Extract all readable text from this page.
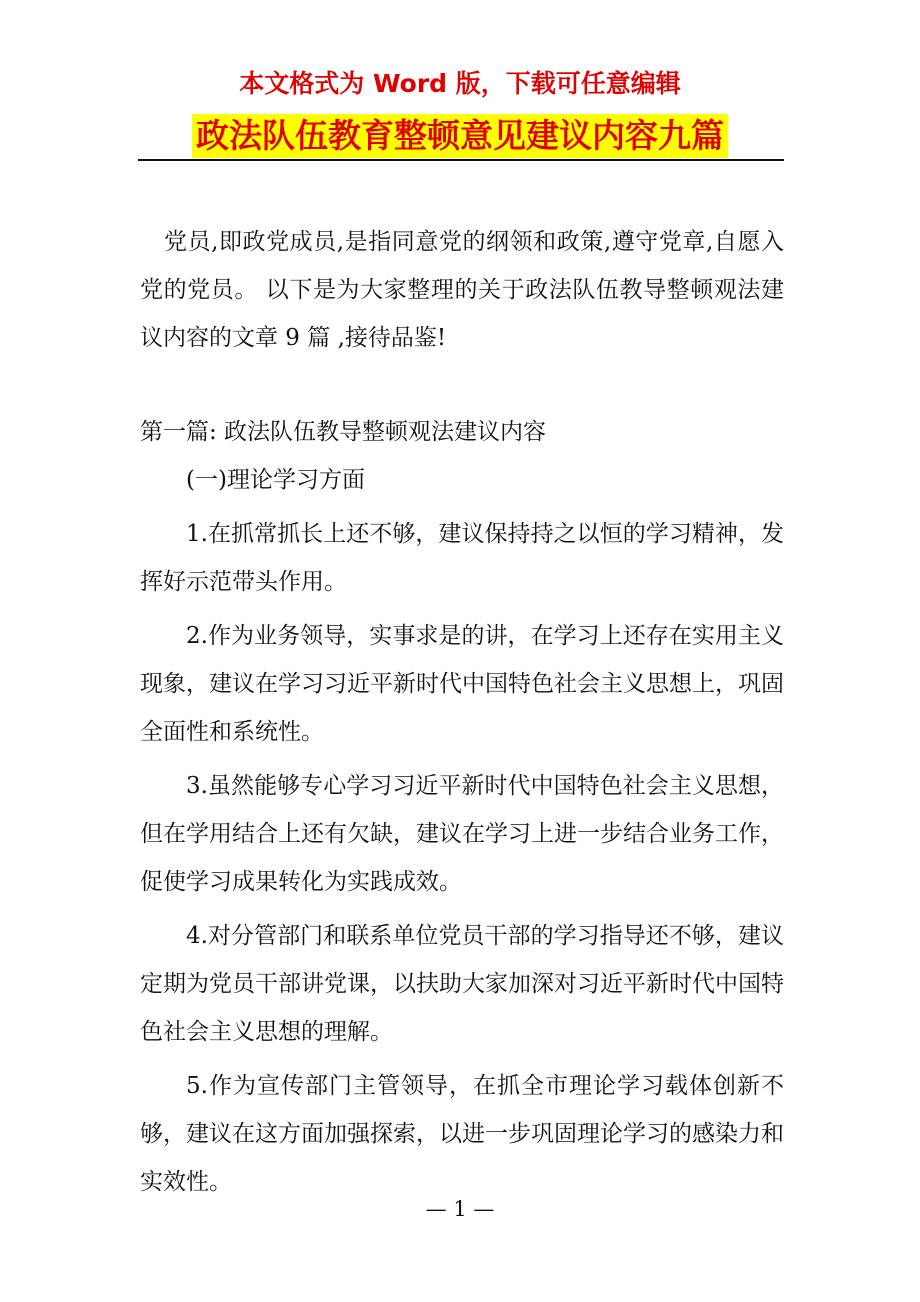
本文格式为 Word 版，下载可任意编辑
政法队伍教育整顿意见建议内容九篇

党员,即政党成员,是指同意党的纲领和政策,遵守党章,自愿入党的党员。 以下是为大家整理的关于政法队伍教导整顿观法建议内容的文章 9 篇 ,接待品鉴!

第一篇: 政法队伍教导整顿观法建议内容

(一)理论学习方面

1.在抓常抓长上还不够，建议保持持之以恒的学习精神，发挥好示范带头作用。

2.作为业务领导，实事求是的讲，在学习上还存在实用主义现象，建议在学习习近平新时代中国特色社会主义思想上，巩固全面性和系统性。

3.虽然能够专心学习习近平新时代中国特色社会主义思想，但在学用结合上还有欠缺，建议在学习上进一步结合业务工作，促使学习成果转化为实践成效。

4.对分管部门和联系单位党员干部的学习指导还不够，建议定期为党员干部讲党课，以扶助大家加深对习近平新时代中国特色社会主义思想的理解。

5.作为宣传部门主管领导，在抓全市理论学习载体创新不够，建议在这方面加强探索，以进一步巩固理论学习的感染力和实效性。

— 1 —
